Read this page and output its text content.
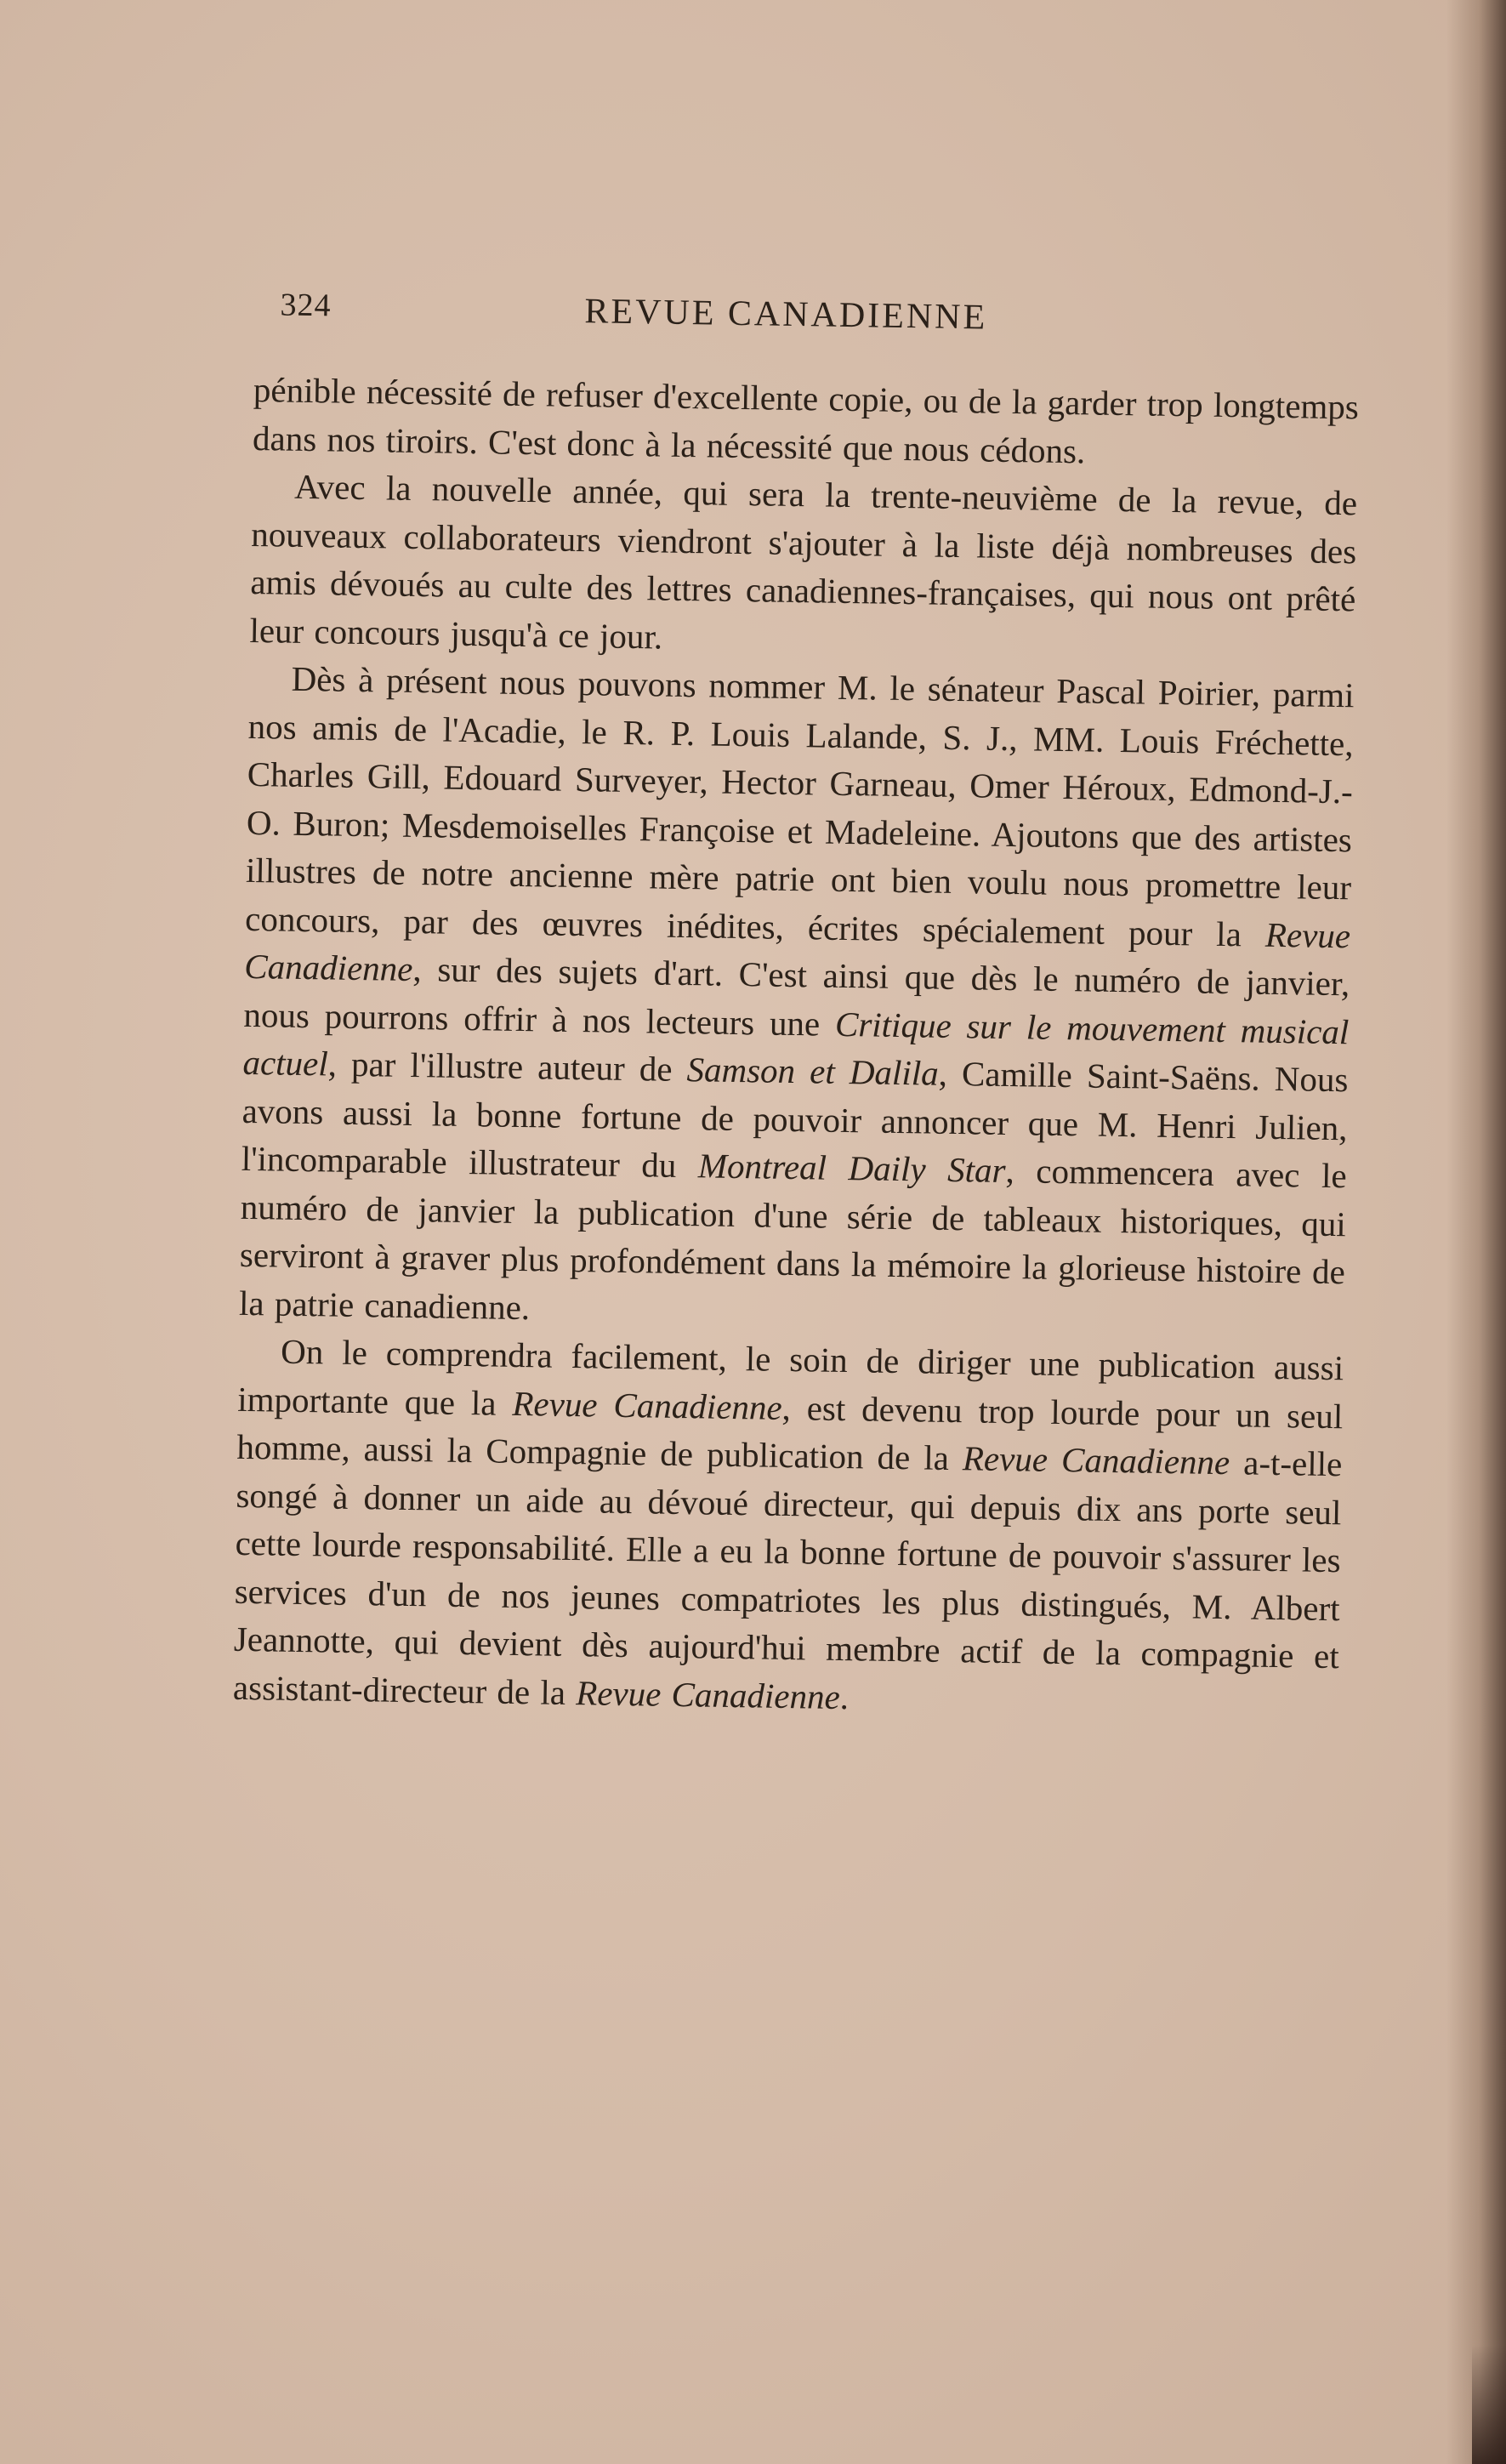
324	REVUE CANADIENNE

pénible nécessité de refuser d'excellente copie, ou de la garder trop longtemps dans nos tiroirs. C'est donc à la nécessité que nous cédons.

Avec la nouvelle année, qui sera la trente-neuvième de la revue, de nouveaux collaborateurs viendront s'ajouter à la liste déjà nombreuses des amis dévoués au culte des lettres canadiennes-françaises, qui nous ont prêté leur concours jusqu'à ce jour.

Dès à présent nous pouvons nommer M. le sénateur Pascal Poirier, parmi nos amis de l'Acadie, le R. P. Louis Lalande, S. J., MM. Louis Fréchette, Charles Gill, Edouard Surveyer, Hector Garneau, Omer Héroux, Edmond-J.-O. Buron; Mesdemoiselles Françoise et Madeleine. Ajoutons que des artistes illustres de notre ancienne mère patrie ont bien voulu nous promettre leur concours, par des œuvres inédites, écrites spécialement pour la Revue Canadienne, sur des sujets d'art. C'est ainsi que dès le numéro de janvier, nous pourrons offrir à nos lecteurs une Critique sur le mouvement musical actuel, par l'illustre auteur de Samson et Dalila, Camille Saint-Saëns. Nous avons aussi la bonne fortune de pouvoir annoncer que M. Henri Julien, l'incomparable illustrateur du Montreal Daily Star, commencera avec le numéro de janvier la publication d'une série de tableaux historiques, qui serviront à graver plus profondément dans la mémoire la glorieuse histoire de la patrie canadienne.

On le comprendra facilement, le soin de diriger une publication aussi importante que la Revue Canadienne, est devenu trop lourde pour un seul homme, aussi la Compagnie de publication de la Revue Canadienne a-t-elle songé à donner un aide au dévoué directeur, qui depuis dix ans porte seul cette lourde responsabilité. Elle a eu la bonne fortune de pouvoir s'assurer les services d'un de nos jeunes compatriotes les plus distingués, M. Albert Jeannotte, qui devient dès aujourd'hui membre actif de la compagnie et assistant-directeur de la Revue Canadienne.
